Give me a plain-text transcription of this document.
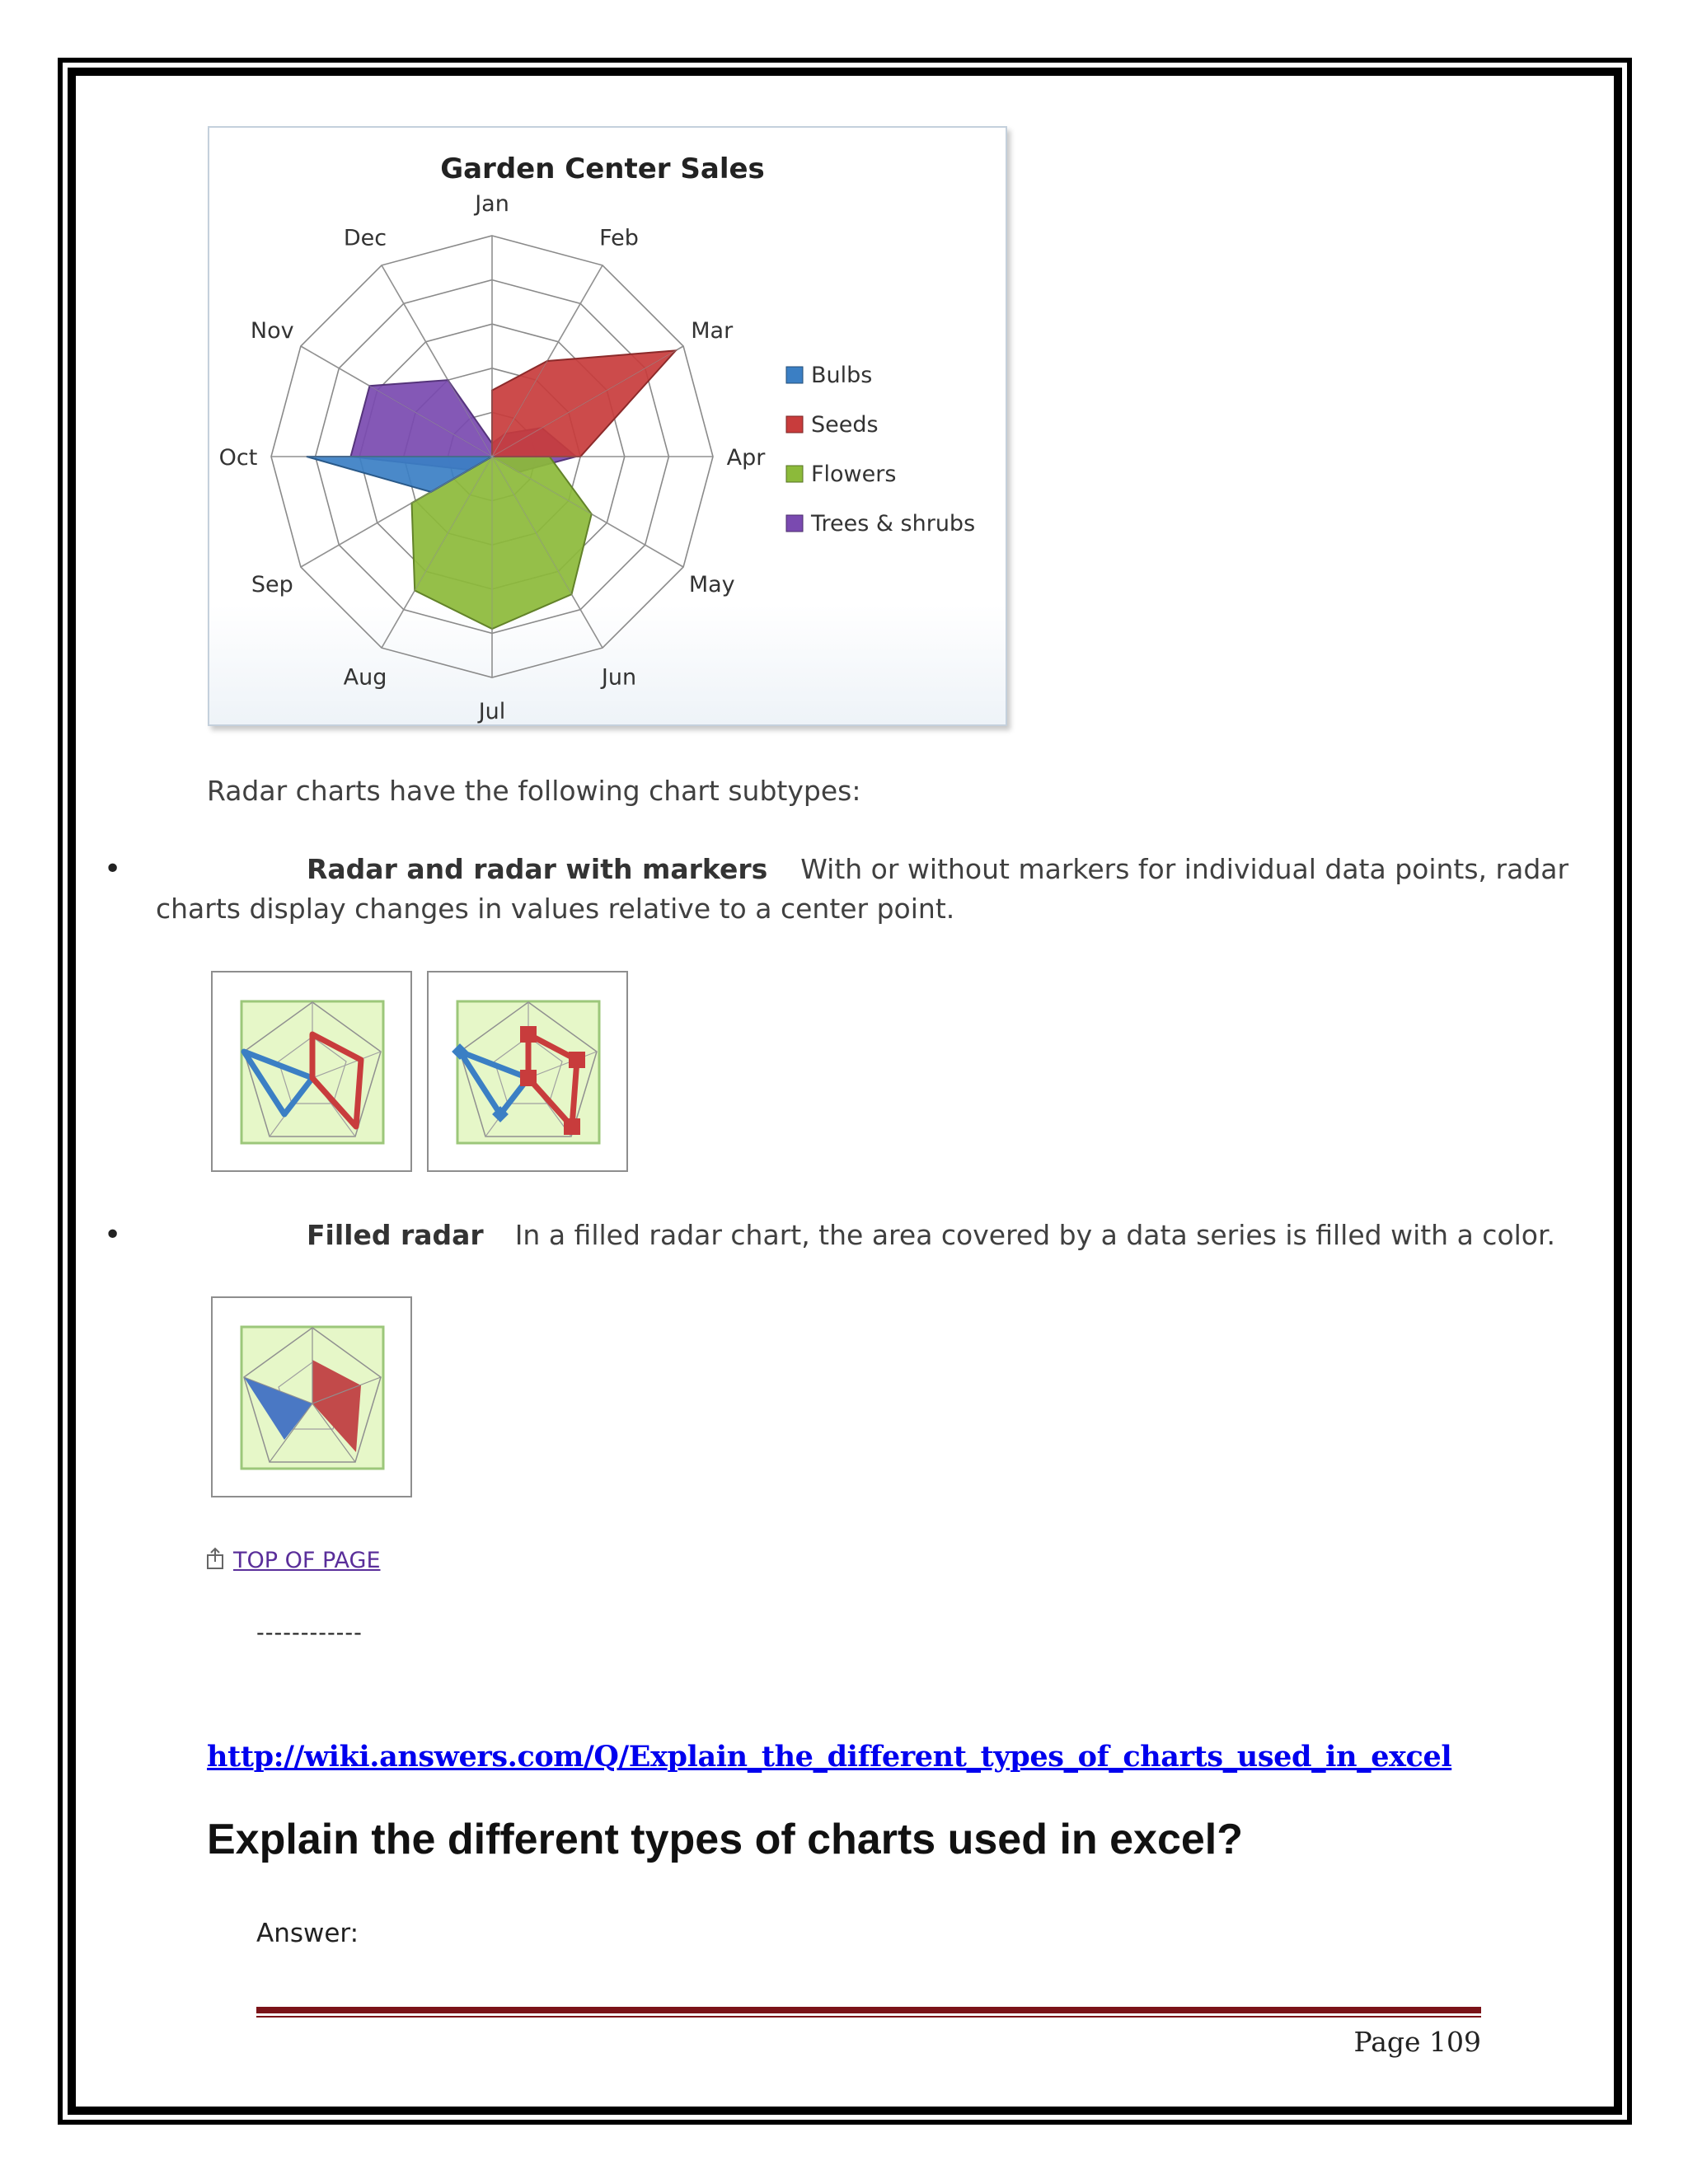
Garden Center Sales
Jan
Feb
Mar
Apr
May
Jun
Jul
Aug
Sep
Oct
Nov
Dec
Bulbs
Seeds
Flowers
Trees & shrubs
Radar charts have the following chart subtypes:
•	Radar and radar with markers With or without markers for individual data points, radar
charts display changes in values relative to a center point.
•	Filled radar In a filled radar chart, the area covered by a data series is filled with a color.
TOP OF PAGE
------------
http://wiki.answers.com/Q/Explain_the_different_types_of_charts_used_in_excel
Explain the different types of charts used in excel?
Answer:
Page 109
